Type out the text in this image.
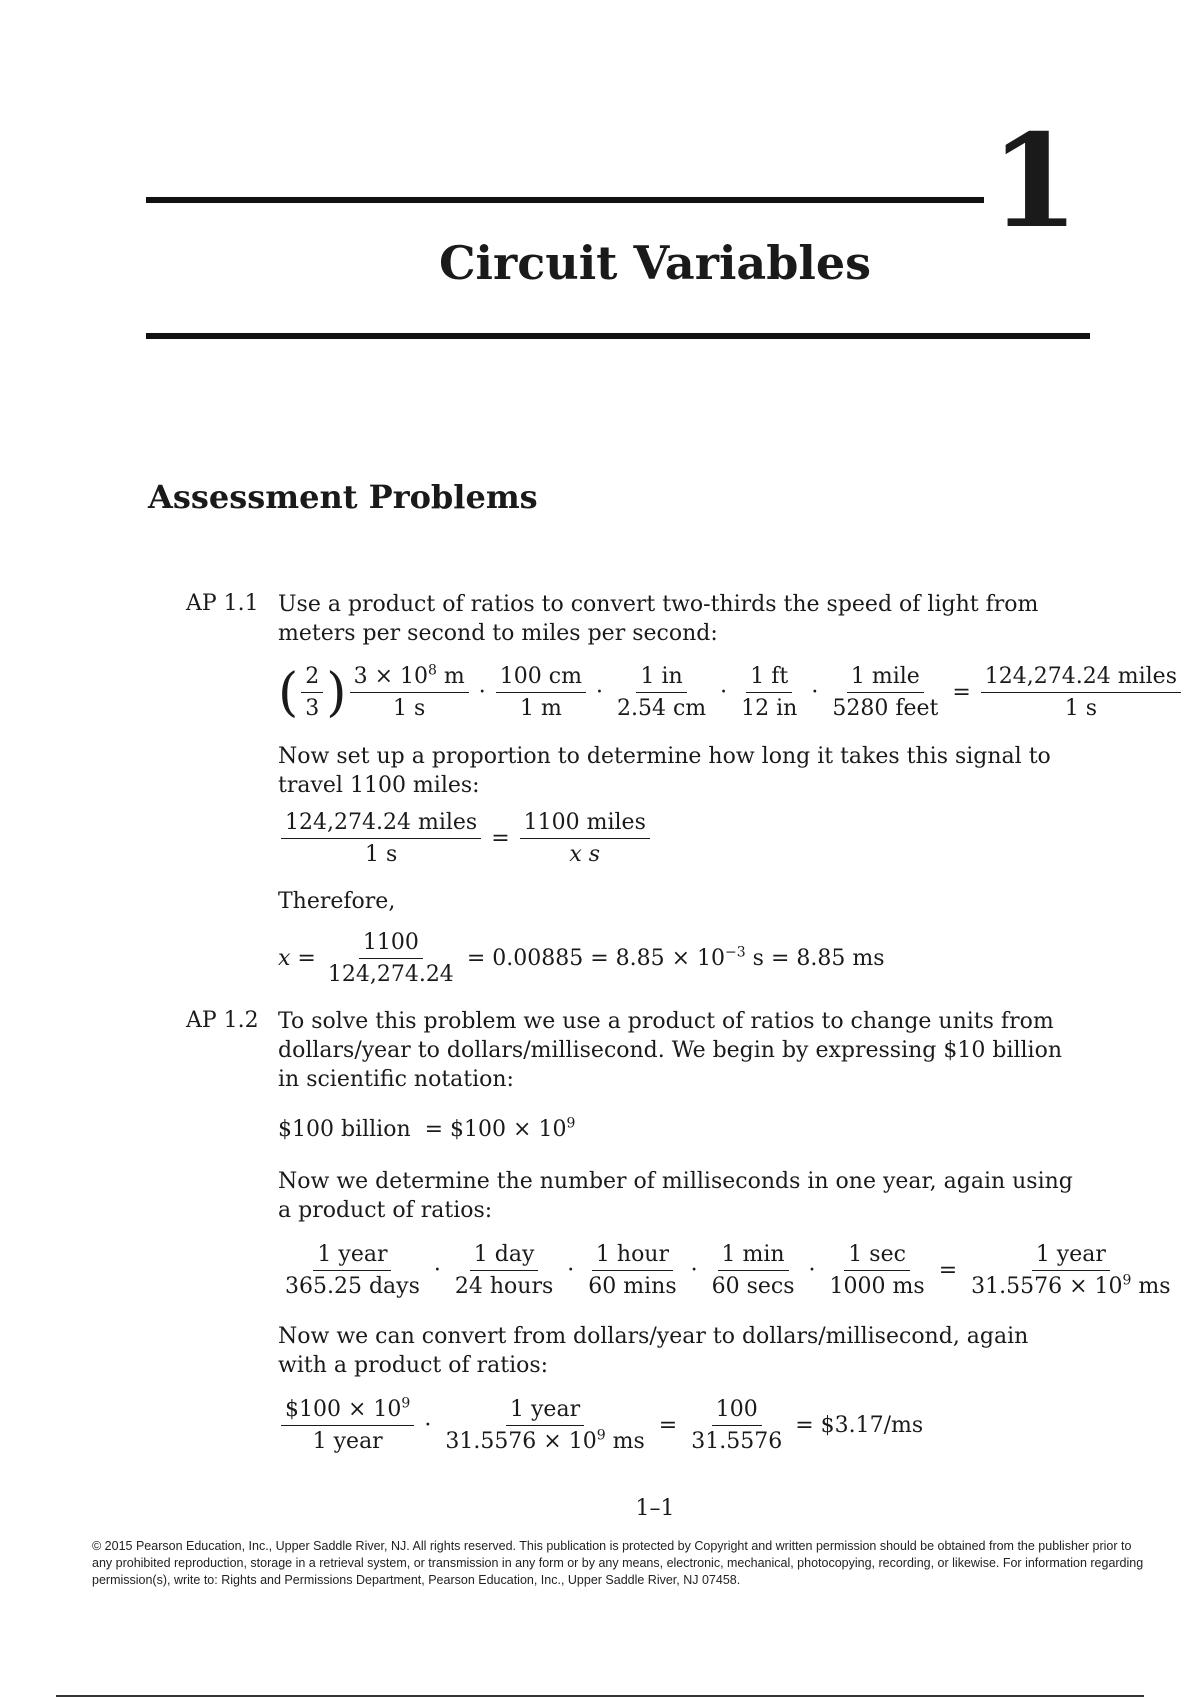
1
Circuit Variables
Assessment Problems
AP 1.1 Use a product of ratios to convert two-thirds the speed of light from meters per second to miles per second:
( $\frac{2}{3}$ ) $\frac{3 \times 10^8 m}{1 s} \cdot \frac{100 cm}{1 m} \cdot \frac{1 in}{2.54 cm} \cdot \frac{1 ft}{12 in} \cdot \frac{\text{1 mile}}{\text{5280 feet}} = \frac{\text{124,274.24 miles}}{1 s}$
Now set up a proportion to determine how long it takes this signal to travel 1100 miles:
$\frac{\text{124,274.24 miles}}{1 s} = \frac{\text{1100 miles}}{\text{x s}}$
Therefore,
$x = \frac{1100}{124,274.24} = 0.00885 = 8.85 \times 10^{-3}$ s = 8.85 ms
AP 1.2 To solve this problem we use a product of ratios to change units from dollars/year to dollars/millisecond. We begin by expressing $10 billion in scientific notation:
$100 billion = $100 × $10^9$
Now we determine the number of milliseconds in one year, again using a product of ratios:
$\frac{\text{1 year}}{\text{365.25 days}} \cdot \frac{\text{1 day}}{\text{24 hours}} \cdot \frac{\text{1 hour}}{60 \min s} \cdot \frac{1 \min}{60 \sec s} \cdot \frac{1 \sec}{1000 ms} = \frac{\text{1 year}}{31.5576 \times 10^9 ms}$
Now we can convert from dollars/year to dollars/millisecond, again with a product of ratios:
$\frac{\$100 \times 10^9}{\text{1 year}} \cdot \frac{\text{1 year}}{31.5576 \times 10^9 ms} = \frac{100}{31.5576}$ = $3.17/ms
1–1
© 2015 Pearson Education, Inc., Upper Saddle River, NJ. All rights reserved. This publication is protected by Copyright and written permission should be obtained from the publisher prior to any prohibited reproduction, storage in a retrieval system, or transmission in any form or by any means, electronic, mechanical, photocopying, recording, or likewise. For information regarding permission(s), write to: Rights and Permissions Department, Pearson Education, Inc., Upper Saddle River, NJ 07458.
